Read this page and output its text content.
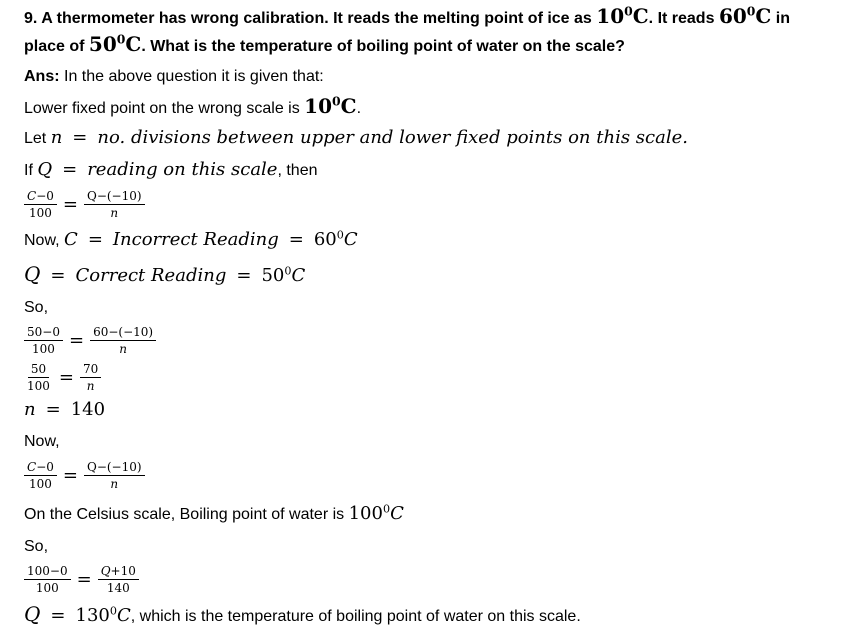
9. A thermometer has wrong calibration. It reads the melting point of ice as $10^0C$. It reads $60^0C$ in
place of $50^0C$. What is the temperature of boiling point of water on the scale?
Ans: In the above question it is given that:
Lower fixed point on the wrong scale is $10^0C$.
Let n = no. divisions between upper and lower fixed points on this scale.
If Q = reading on this scale, then
$\frac{C-0}{100} = \frac{Q-(-10)}{n}$
Now, C = Incorrect Reading = $60^0C$
Q = Correct Reading = $50^0C$
So,
$\frac{50-0}{100} = \frac{60-(-10)}{n}$
$\frac{50}{100} = \frac{70}{n}$
n = 140
Now,
$\frac{C-0}{100} = \frac{Q-(-10)}{n}$
On the Celsius scale, Boiling point of water is $100^0C$
So,
$\frac{100-0}{100} = \frac{Q+10}{140}$
$Q = 130^0C$, which is the temperature of boiling point of water on this scale.
